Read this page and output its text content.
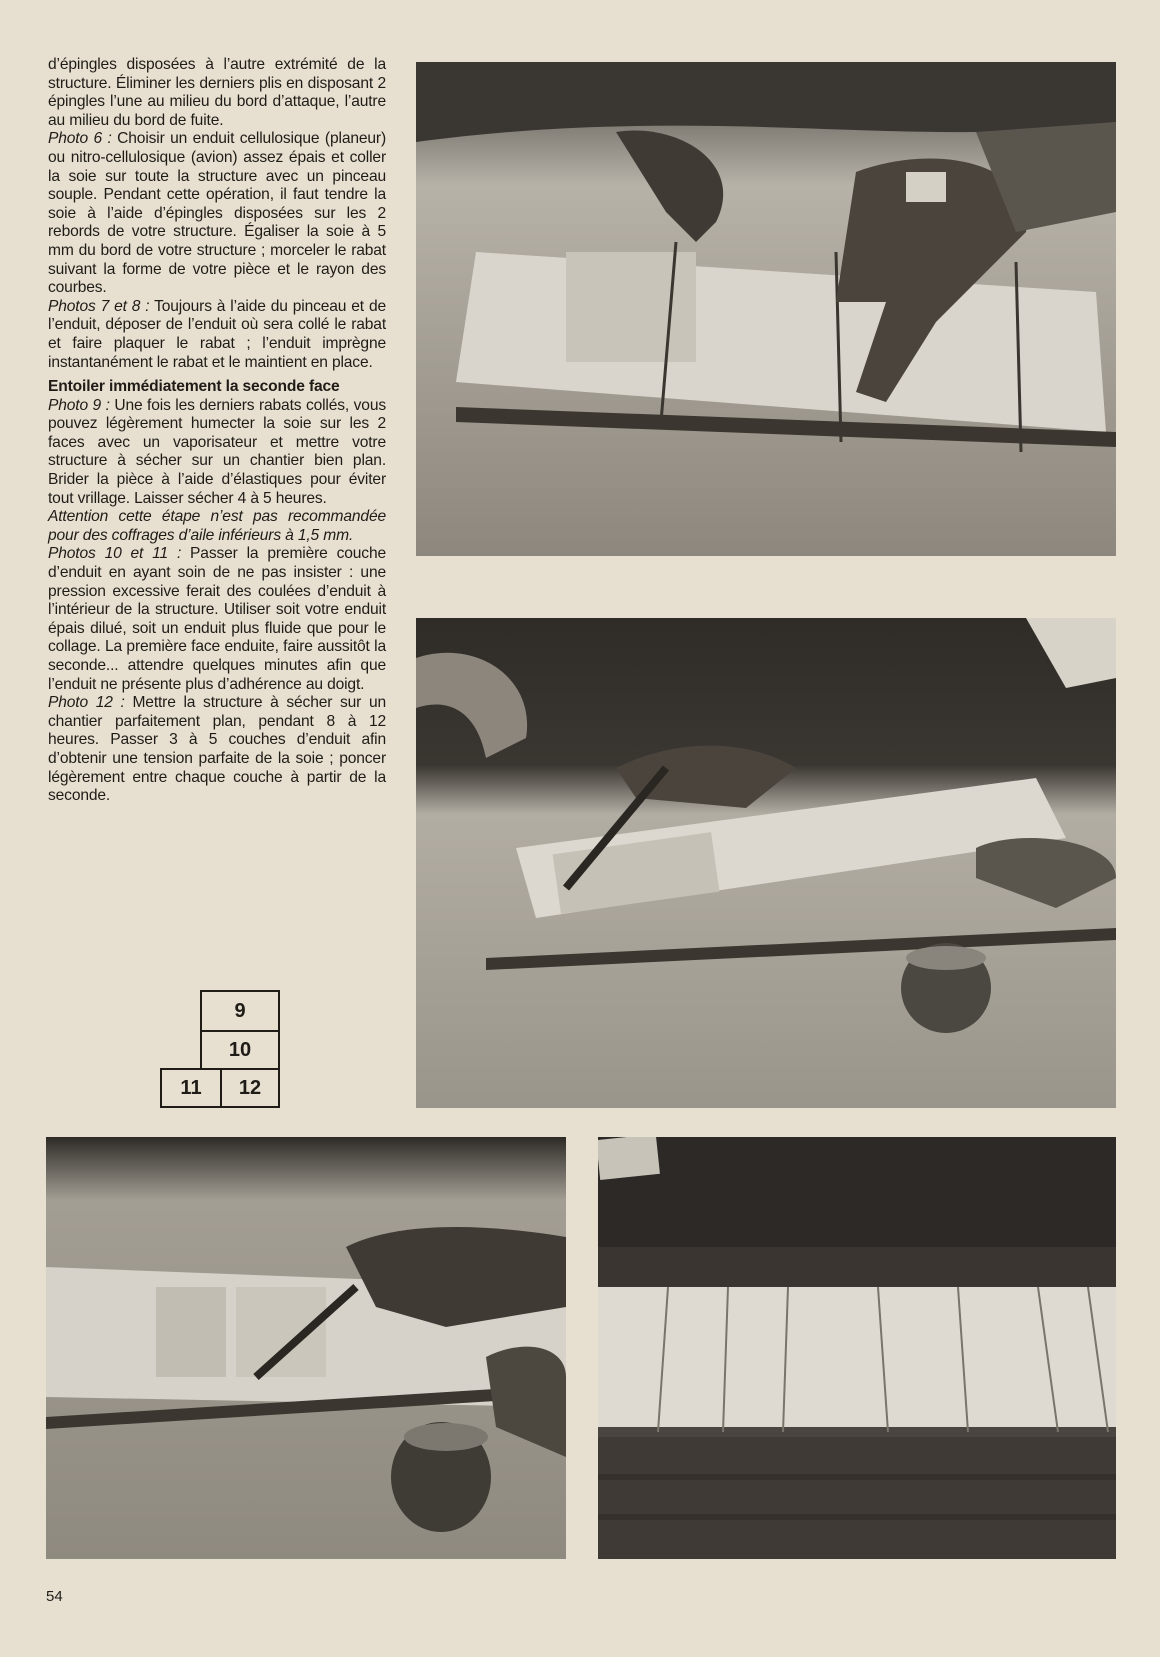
d’épingles disposées à l’autre extrémité de la structure. Éliminer les derniers plis en disposant 2 épingles l’une au milieu du bord d’attaque, l’autre au milieu du bord de fuite.

Photo 6 : Choisir un enduit cellulosique (planeur) ou nitro-cellulosique (avion) assez épais et coller la soie sur toute la structure avec un pinceau souple. Pendant cette opération, il faut tendre la soie à l’aide d’épingles disposées sur les 2 rebords de votre structure. Égaliser la soie à 5 mm du bord de votre structure ; morceler le rabat suivant la forme de votre pièce et le rayon des courbes.

Photos 7 et 8 : Toujours à l’aide du pinceau et de l’enduit, déposer de l’enduit où sera collé le rabat et faire plaquer le rabat ; l’enduit imprègne instantanément le rabat et le maintient en place.

Entoiler immédiatement la seconde face

Photo 9 : Une fois les derniers rabats collés, vous pouvez légèrement humecter la soie sur les 2 faces avec un vaporisateur et mettre votre structure à sécher sur un chantier bien plan. Brider la pièce à l’aide d’élastiques pour éviter tout vrillage. Laisser sécher 4 à 5 heures.

Attention cette étape n’est pas recommandée pour des coffrages d’aile inférieurs à 1,5 mm.

Photos 10 et 11 : Passer la première couche d’enduit en ayant soin de ne pas insister : une pression excessive ferait des coulées d’enduit à l’intérieur de la structure. Utiliser soit votre enduit épais dilué, soit un enduit plus fluide que pour le collage. La première face enduite, faire aussitôt la seconde... attendre quelques minutes afin que l’enduit ne présente plus d’adhérence au doigt.

Photo 12 : Mettre la structure à sécher sur un chantier parfaitement plan, pendant 8 à 12 heures. Passer 3 à 5 couches d’enduit afin d’obtenir une tension parfaite de la soie ; poncer légèrement entre chaque couche à partir de la seconde.

9
10
11	12
54
